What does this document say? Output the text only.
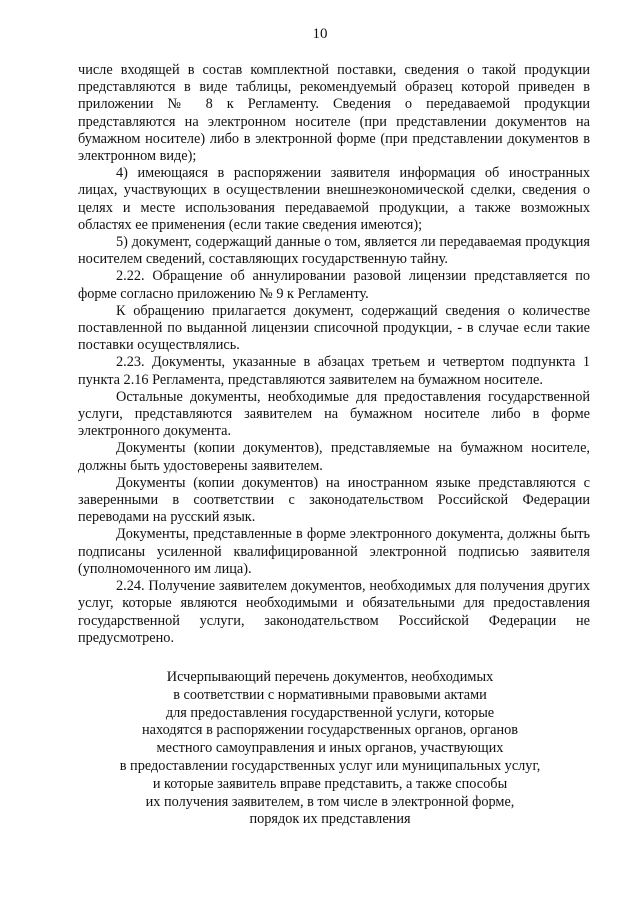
10

числе входящей в состав комплектной поставки, сведения о такой продукции представляются в виде таблицы, рекомендуемый образец которой приведен в приложении № 8 к Регламенту. Сведения о передаваемой продукции представляются на электронном носителе (при представлении документов на бумажном носителе) либо в электронной форме (при представлении документов в электронном виде);

4) имеющаяся в распоряжении заявителя информация об иностранных лицах, участвующих в осуществлении внешнеэкономической сделки, сведения о целях и месте использования передаваемой продукции, а также возможных областях ее применения (если такие сведения имеются);

5) документ, содержащий данные о том, является ли передаваемая продукция носителем сведений, составляющих государственную тайну.

2.22. Обращение об аннулировании разовой лицензии представляется по форме согласно приложению № 9 к Регламенту.

К обращению прилагается документ, содержащий сведения о количестве поставленной по выданной лицензии списочной продукции, - в случае если такие поставки осуществлялись.

2.23. Документы, указанные в абзацах третьем и четвертом подпункта 1 пункта 2.16 Регламента, представляются заявителем на бумажном носителе.

Остальные документы, необходимые для предоставления государственной услуги, представляются заявителем на бумажном носителе либо в форме электронного документа.

Документы (копии документов), представляемые на бумажном носителе, должны быть удостоверены заявителем.

Документы (копии документов) на иностранном языке представляются с заверенными в соответствии с законодательством Российской Федерации переводами на русский язык.

Документы, представленные в форме электронного документа, должны быть подписаны усиленной квалифицированной электронной подписью заявителя (уполномоченного им лица).

2.24. Получение заявителем документов, необходимых для получения других услуг, которые являются необходимыми и обязательными для предоставления государственной услуги, законодательством Российской Федерации не предусмотрено.

Исчерпывающий перечень документов, необходимых
в соответствии с нормативными правовыми актами
для предоставления государственной услуги, которые
находятся в распоряжении государственных органов, органов
местного самоуправления и иных органов, участвующих
в предоставлении государственных услуг или муниципальных услуг,
и которые заявитель вправе представить, а также способы
их получения заявителем, в том числе в электронной форме,
порядок их представления
